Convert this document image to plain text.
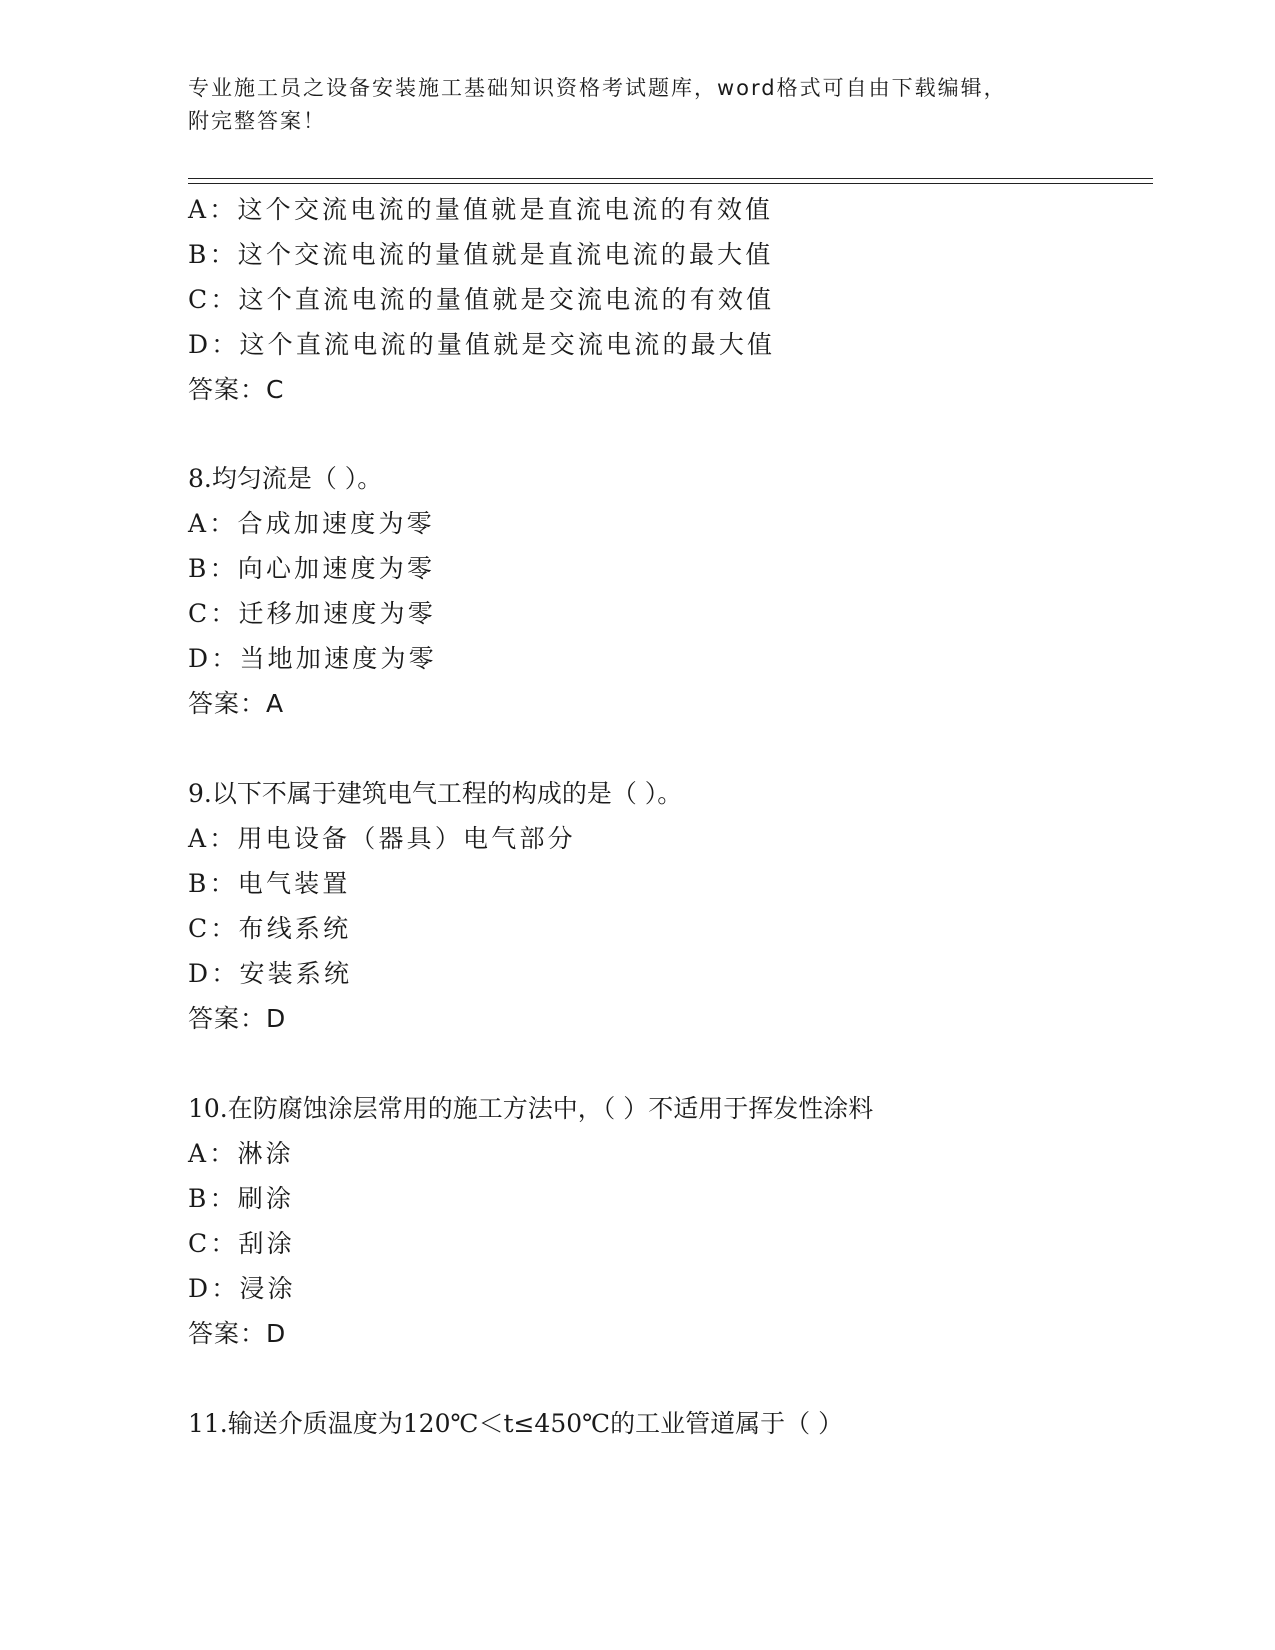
专业施工员之设备安装施工基础知识资格考试题库，word格式可自由下载编辑，
附完整答案！
A：这个交流电流的量值就是直流电流的有效值
B：这个交流电流的量值就是直流电流的最大值
C：这个直流电流的量值就是交流电流的有效值
D：这个直流电流的量值就是交流电流的最大值
答案：C
8.均匀流是（ ）。
A：合成加速度为零
B：向心加速度为零
C：迁移加速度为零
D：当地加速度为零
答案：A
9.以下不属于建筑电气工程的构成的是（ ）。
A：用电设备（器具）电气部分
B：电气装置
C：布线系统
D：安装系统
答案：D
10.在防腐蚀涂层常用的施工方法中，（ ）不适用于挥发性涂料
A：淋涂
B：刷涂
C：刮涂
D：浸涂
答案：D
11.输送介质温度为120℃＜t≤450℃的工业管道属于（ ）
